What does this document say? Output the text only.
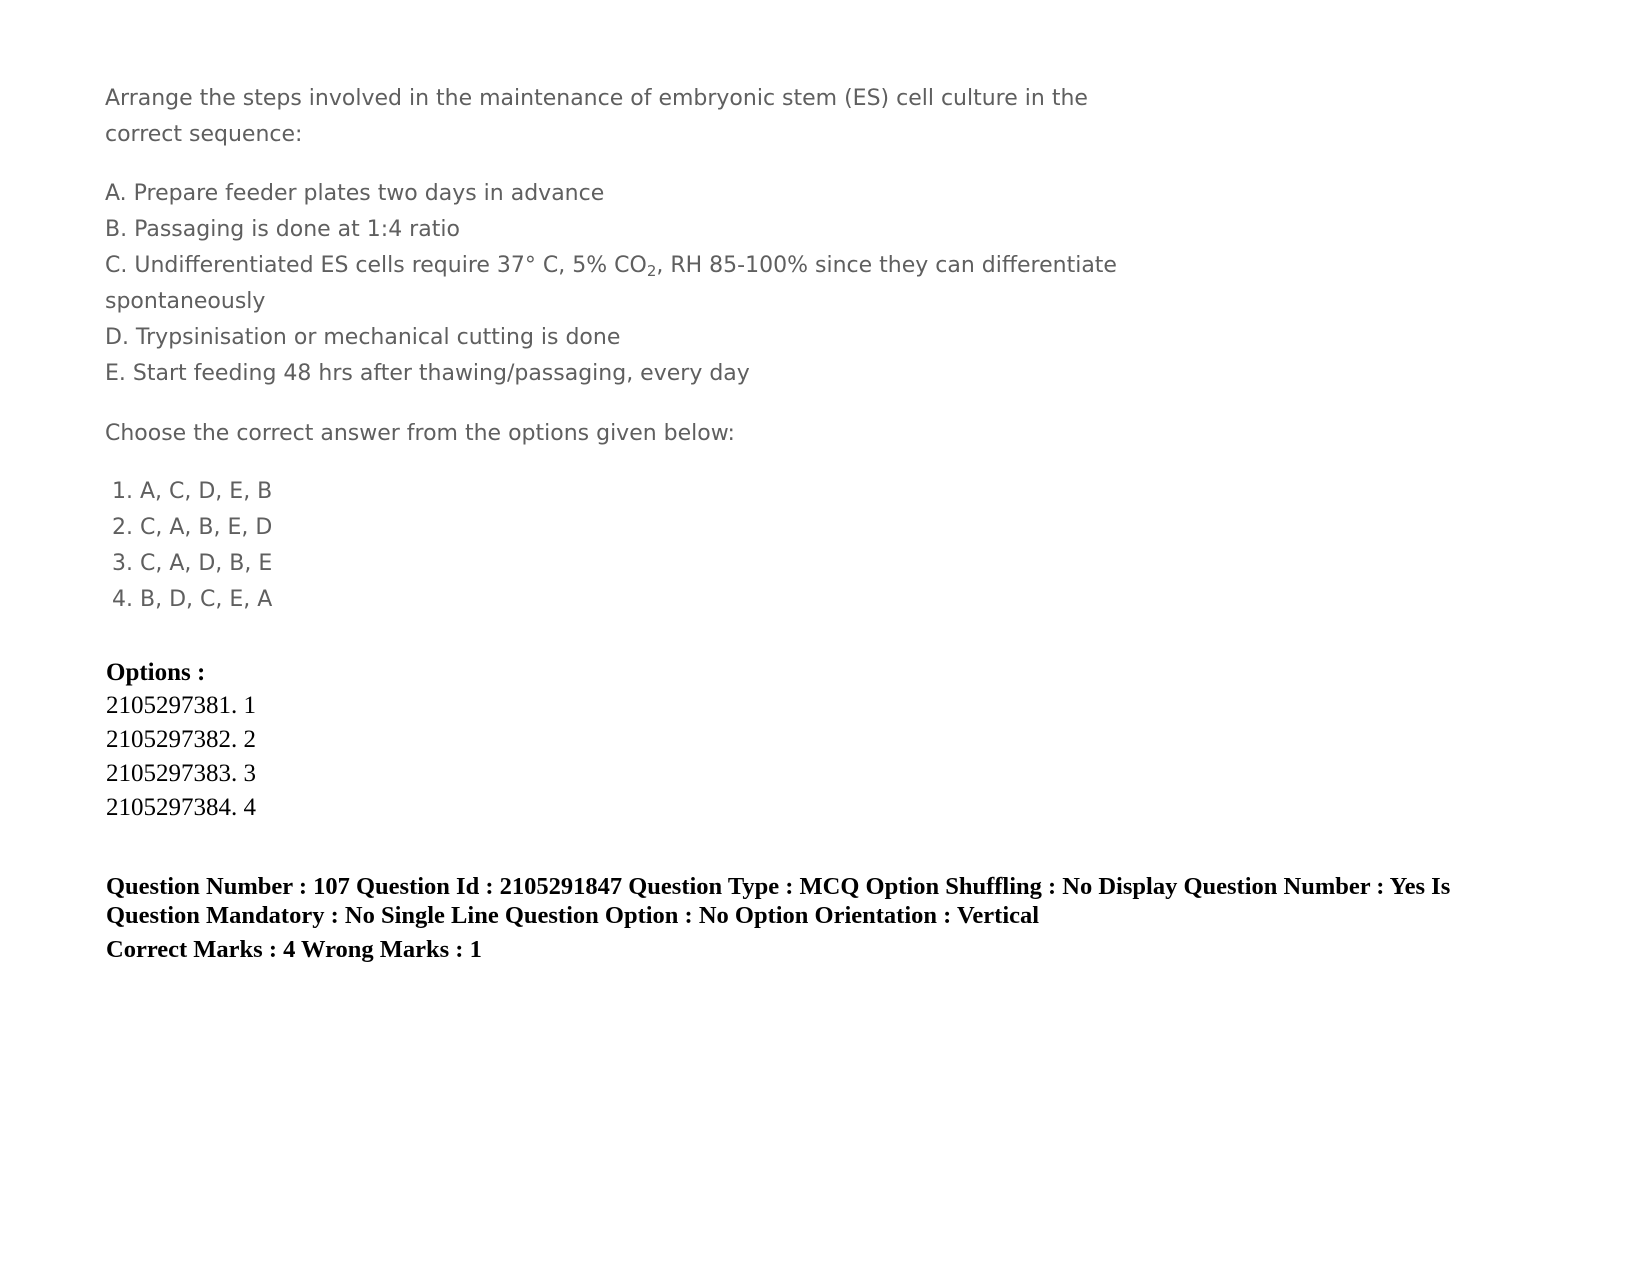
Arrange the steps involved in the maintenance of embryonic stem (ES) cell culture in the
correct sequence:
A. Prepare feeder plates two days in advance
B. Passaging is done at 1:4 ratio
C. Undifferentiated ES cells require 37° C, 5% $CO_2$, RH 85-100% since they can differentiate
spontaneously
D. Trypsinisation or mechanical cutting is done
E. Start feeding 48 hrs after thawing/passaging, every day
Choose the correct answer from the options given below:
1. A, C, D, E, B
2. C, A, B, E, D
3. C, A, D, B, E
4. B, D, C, E, A
Options :
2105297381. 1
2105297382. 2
2105297383. 3
2105297384. 4
Question Number : 107 Question Id : 2105291847 Question Type : MCQ Option Shuffling : No Display Question Number : Yes Is
Question Mandatory : No Single Line Question Option : No Option Orientation : Vertical
Correct Marks : 4 Wrong Marks : 1
